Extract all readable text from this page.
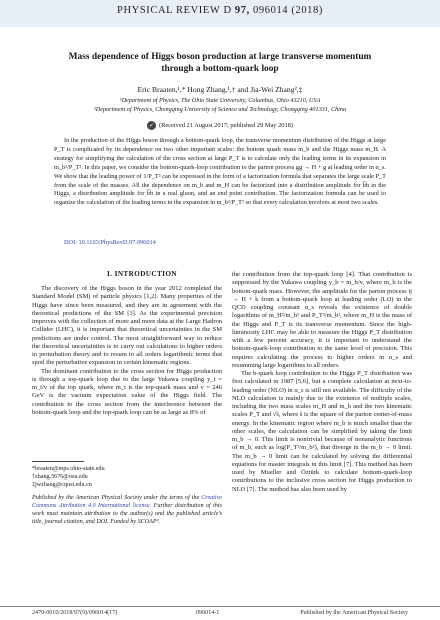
PHYSICAL REVIEW D 97, 096014 (2018)
Mass dependence of Higgs boson production at large transverse momentum
through a bottom-quark loop
Eric Braaten,¹,* Hong Zhang,¹,† and Jia-Wei Zhang²,‡
¹Department of Physics, The Ohio State University, Columbus, Ohio 43210, USA
²Department of Physics, Chongqing University of Science and Technology, Chongqing 401331, China
✓ (Received 21 August 2017; published 29 May 2018)
In the production of the Higgs boson through a bottom-quark loop, the transverse momentum distribution of the Higgs at large P_T is complicated by its dependence on two other important scales: the bottom quark mass m_b and the Higgs mass m_H. A strategy for simplifying the calculation of the cross section at large P_T is to calculate only the leading terms in its expansion in m_b²/P_T². In this paper, we consider the bottom-quark-loop contribution to the parton process gg → H + g at leading order in α_s. We show that the leading power of 1/P_T² can be expressed in the form of a factorization formula that separates the large scale P_T from the scale of the masses. All the dependence on m_b and m_H can be factorized into a distribution amplitude for b̅b in the Higgs, a distribution amplitude for b̅b in a real gluon, and an end point contribution. The factorization formula can be used to organize the calculation of the leading terms in the expansion in m_b²/P_T² so that every calculation involves at most two scales.
DOI: 10.1103/PhysRevD.97.096014
I. INTRODUCTION

The discovery of the Higgs boson in the year 2012 completed the Standard Model (SM) of particle physics [1,2]. Many properties of the Higgs have since been measured, and they are in agreement with the theoretical predictions of the SM [3]. As the experimental precision improves with the collection of more and more data at the Large Hadron Collider (LHC), it is important that theoretical uncertainties in the SM predictions are under control. The most straightforward way to reduce the theoretical uncertainties is to carry out calculations to higher orders in perturbation theory and to resum to all orders logarithmic terms that spoil the perturbative expansion in certain kinematic regions.

The dominant contribution to the cross section for Higgs production is through a top-quark loop due to the large Yukawa coupling y_t = m_t/v of the top quark, where m_t is the top-quark mass and v = 246 GeV is the vacuum expectation value of the Higgs field. The contribution to the cross section from the interference between the bottom-quark loop and the top-quark loop can be as large as 8% of

the contribution from the top-quark loop [4]. That contribution is suppressed by the Yukawa coupling y_b = m_b/v, where m_b is the bottom-quark mass. However, the amplitude for the parton process ij → H + k from a bottom-quark loop at leading order (LO) in the QCD coupling constant α_s reveals the existence of double logarithms of m_H²/m_b² and P_T²/m_b², where m_H is the mass of the Higgs and P_T is its transverse momentum. Since the high-luminosity LHC may be able to measure the Higgs P_T distribution with a few percent accuracy, it is important to understand the bottom-quark-loop contribution to the same level of precision. This requires calculating the process to higher orders in α_s and resumming large logarithms to all orders.

The b-quark loop contribution to the Higgs P_T distribution was first calculated in 1987 [5,6], but a complete calculation at next-to-leading order (NLO) in α_s is still not available. The difficulty of the NLO calculation is mainly due to the existence of multiple scales, including the two mass scales m_H and m_b and the two kinematic scales P_T and √ŝ, where ŝ is the square of the parton center-of-mass energy. In the kinematic region where m_b is much smaller than the other scales, the calculation can be simplified by taking the limit m_b → 0. This limit is nontrivial because of nonanalytic functions of m_b, such as log(P_T²/m_b²), that diverge in the m_b → 0 limit. The m_b → 0 limit can be calculated by solving the differential equations for master integrals in this limit [7]. This method has been used by Mueller and Öztürk to calculate bottom-quark-loop contributions to the inclusive cross section for Higgs production to NLO [7]. The method has also been used by

*braaten@mps.ohio-state.edu
†zhang.5676@osu.edu
‡jwzhang@cqust.edu.cn
Published by the American Physical Society under the terms of the Creative Commons Attribution 4.0 International license. Further distribution of this work must maintain attribution to the author(s) and the published article’s title, journal citation, and DOI. Funded by SCOAP³.
2470-0010/2018/97(9)/096014(17)	096014-1	Published by the American Physical Society
